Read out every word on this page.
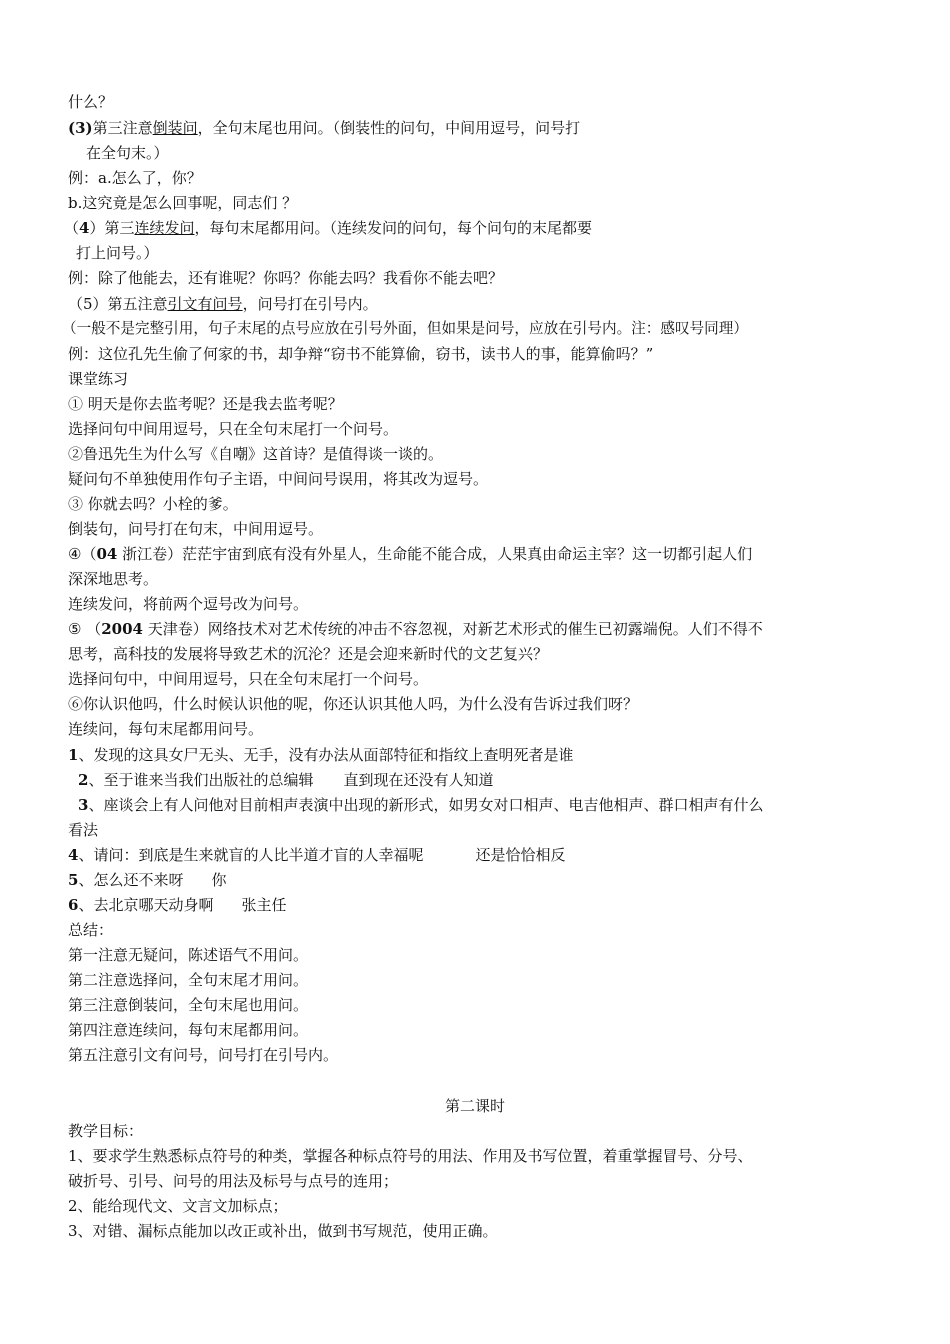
什么？
(3)第三注意倒装问，全句末尾也用问。（倒装性的问句，中间用逗号，问号打
在全句末。）
例：a.怎么了，你？
b.这究竟是怎么回事呢，同志们 ？
（4）第三连续发问，每句末尾都用问。（连续发问的问句，每个问句的末尾都要
打上问号。）
例：除了他能去，还有谁呢？你吗？你能去吗？我看你不能去吧？
（5）第五注意引文有问号，问号打在引号内。
（一般不是完整引用，句子末尾的点号应放在引号外面，但如果是问号，应放在引号内。注：感叹号同理）
例：这位孔先生偷了何家的书，却争辩“窃书不能算偷，窃书，读书人的事，能算偷吗？”
课堂练习
① 明天是你去监考呢？还是我去监考呢？
选择问句中间用逗号，只在全句末尾打一个问号。
②鲁迅先生为什么写《自嘲》这首诗？是值得谈一谈的。
疑问句不单独使用作句子主语，中间问号误用，将其改为逗号。
③ 你就去吗？小栓的爹。
倒装句，问号打在句末，中间用逗号。
④（04 浙江卷）茫茫宇宙到底有没有外星人，生命能不能合成，人果真由命运主宰？这一切都引起人们
深深地思考。
连续发问，将前两个逗号改为问号。
⑤ （2004 天津卷）网络技术对艺术传统的冲击不容忽视，对新艺术形式的催生已初露端倪。人们不得不
思考，高科技的发展将导致艺术的沉沦？还是会迎来新时代的文艺复兴？
选择问句中，中间用逗号，只在全句末尾打一个问号。
⑥你认识他吗，什么时候认识他的呢，你还认识其他人吗，为什么没有告诉过我们呀？
连续问，每句末尾都用问号。
1、发现的这具女尸无头、无手，没有办法从面部特征和指纹上查明死者是谁
2、至于谁来当我们出版社的总编辑 直到现在还没有人知道
3、座谈会上有人问他对目前相声表演中出现的新形式，如男女对口相声、电吉他相声、群口相声有什么
看法
4、请问：到底是生来就盲的人比半道才盲的人幸福呢	还是恰恰相反
5、怎么还不来呀 你
6、去北京哪天动身啊 张主任
总结：
第一注意无疑问，陈述语气不用问。
第二注意选择问，全句末尾才用问。
第三注意倒装问，全句末尾也用问。
第四注意连续问，每句末尾都用问。
第五注意引文有问号，问号打在引号内。
第二课时
教学目标：
1、要求学生熟悉标点符号的种类，掌握各种标点符号的用法、作用及书写位置，着重掌握冒号、分号、
破折号、引号、问号的用法及标号与点号的连用；
2、能给现代文、文言文加标点；
3、对错、漏标点能加以改正或补出，做到书写规范，使用正确。
